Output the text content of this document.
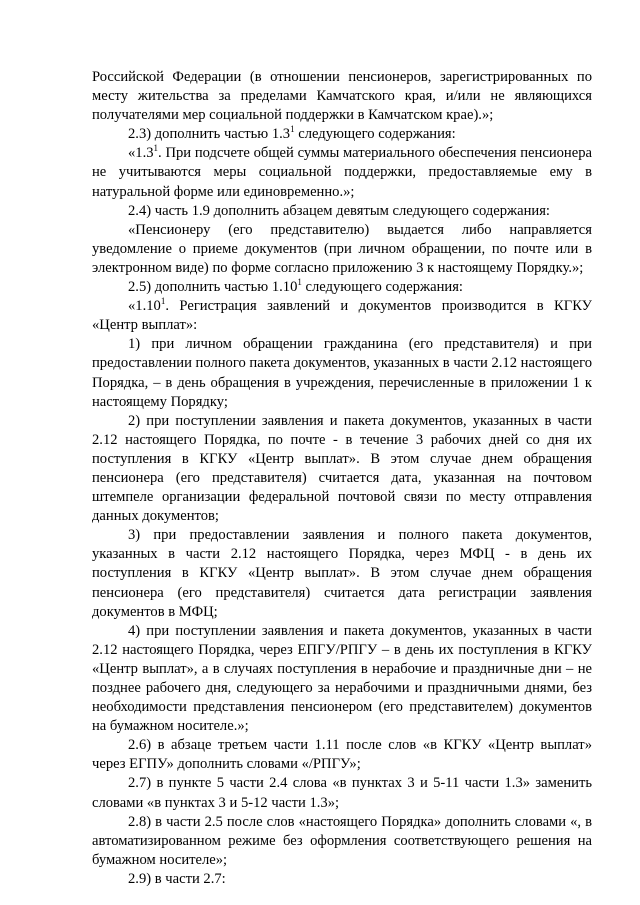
Российской Федерации (в отношении пенсионеров, зарегистрированных по месту жительства за пределами Камчатского края, и/или не являющихся получателями мер социальной поддержки в Камчатском крае).»;

2.3) дополнить частью $1.3^1$ следующего содержания:

«$1.3^1$. При подсчете общей суммы материального обеспечения пенсионера не учитываются меры социальной поддержки, предоставляемые ему в натуральной форме или единовременно.»;

2.4) часть 1.9 дополнить абзацем девятым следующего содержания:

«Пенсионеру (его представителю) выдается либо направляется уведомление о приеме документов (при личном обращении, по почте или в электронном виде) по форме согласно приложению 3 к настоящему Порядку.»;

2.5) дополнить частью 1.10$^1$ следующего содержания:

«1.10$^1$. Регистрация заявлений и документов производится в КГКУ «Центр выплат»:

1) при личном обращении гражданина (его представителя) и при предоставлении полного пакета документов, указанных в части 2.12 настоящего Порядка, – в день обращения в учреждения, перечисленные в приложении 1 к настоящему Порядку;

2) при поступлении заявления и пакета документов, указанных в части 2.12 настоящего Порядка, по почте - в течение 3 рабочих дней со дня их поступления в КГКУ «Центр выплат». В этом случае днем обращения пенсионера (его представителя) считается дата, указанная на почтовом штемпеле организации федеральной почтовой связи по месту отправления данных документов;

3) при предоставлении заявления и полного пакета документов, указанных в части 2.12 настоящего Порядка, через МФЦ - в день их поступления в КГКУ «Центр выплат». В этом случае днем обращения пенсионера (его представителя) считается дата регистрации заявления документов в МФЦ;

4) при поступлении заявления и пакета документов, указанных в части 2.12 настоящего Порядка, через ЕПГУ/РПГУ – в день их поступления в КГКУ «Центр выплат», а в случаях поступления в нерабочие и праздничные дни – не позднее рабочего дня, следующего за нерабочими и праздничными днями, без необходимости представления пенсионером (его представителем) документов на бумажном носителе.»;

2.6) в абзаце третьем части 1.11 после слов «в КГКУ «Центр выплат» через ЕГПУ» дополнить словами «/РПГУ»;

2.7) в пункте 5 части 2.4 слова «в пунктах 3 и 5-11 части 1.3» заменить словами «в пунктах 3 и 5-12 части 1.3»;

2.8) в части 2.5 после слов «настоящего Порядка» дополнить словами «, в автоматизированном режиме без оформления соответствующего решения на бумажном носителе»;

2.9) в части 2.7:
